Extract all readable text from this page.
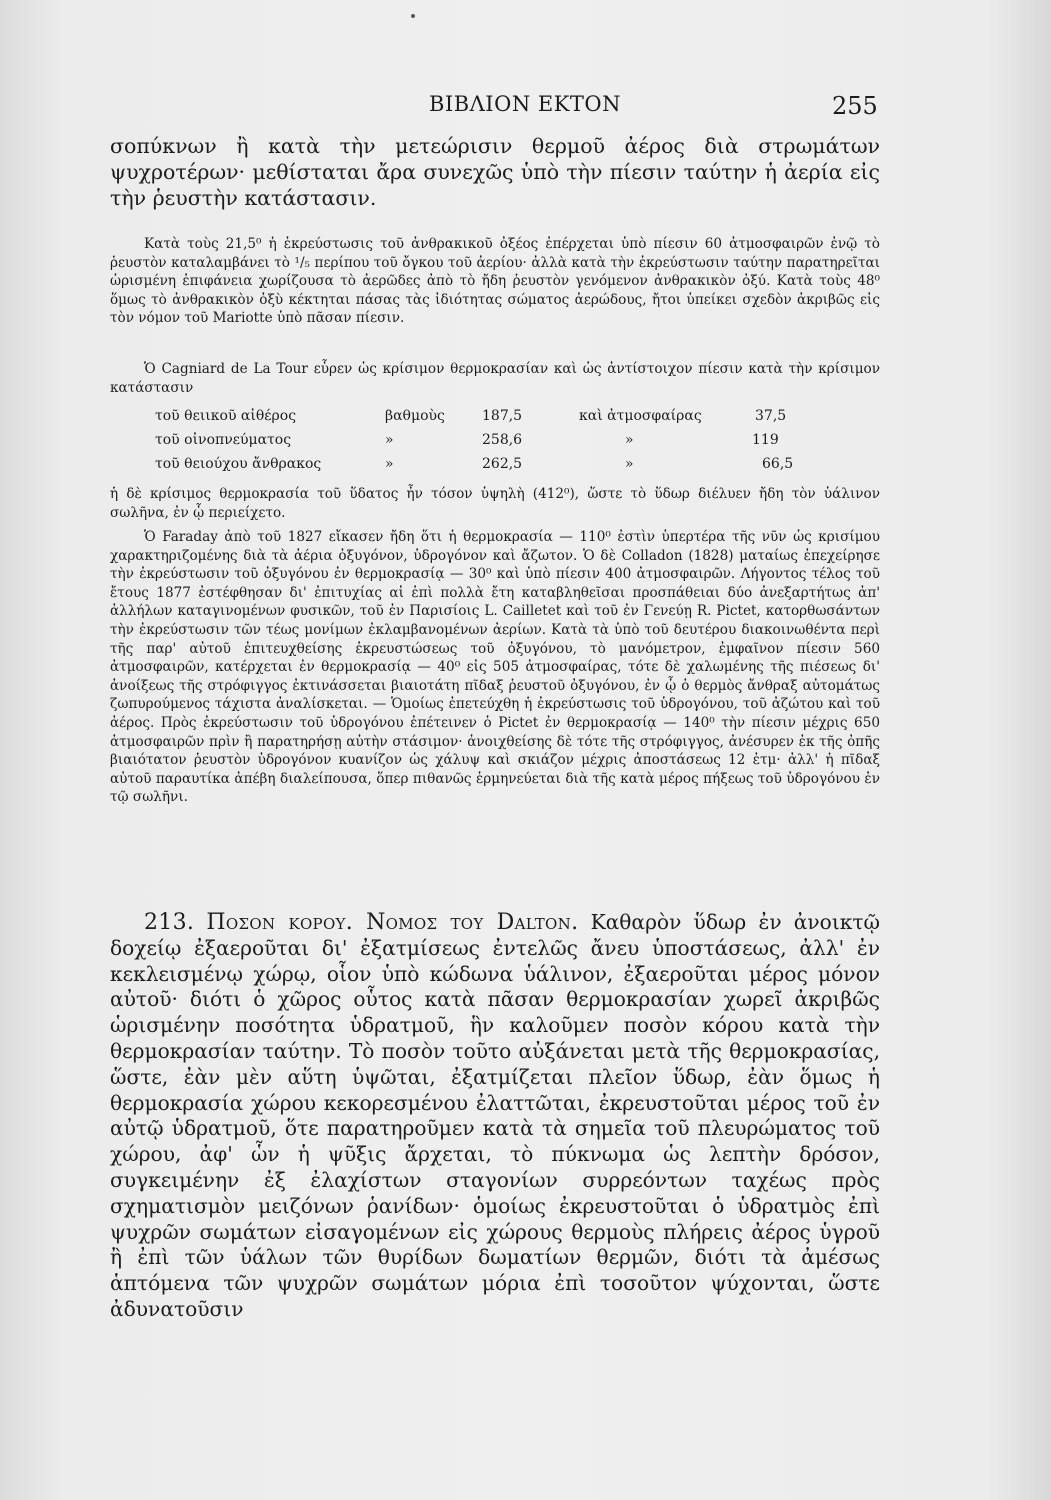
ΒΙΒΛΙΟΝ ΕΚΤΟΝ	255
σοπύκνων ἢ κατὰ τὴν μετεώρισιν θερμοῦ ἀέρος διὰ στρωμάτων ψυχροτέρων· μεθίσταται ἄρα συνεχῶς ὑπὸ τὴν πίεσιν ταύτην ἡ ἀερία εἰς τὴν ῥευστὴν κατάστασιν.
Κατὰ τοὺς 21,5⁰ ἡ ἐκρεύστωσις τοῦ ἀνθρακικοῦ ὀξέος ἐπέρχεται ὑπὸ πίεσιν 60 ἀτμοσφαιρῶν ἐνῷ τὸ ῥευστὸν καταλαμβάνει τὸ ¹/₅ περίπου τοῦ ὄγκου τοῦ ἀερίου· ἀλλὰ κατὰ τὴν ἐκρεύστωσιν ταύτην παρατηρεῖται ὡρισμένη ἐπιφάνεια χωρίζουσα τὸ ἀερῶδες ἀπὸ τὸ ἤδη ῥευστὸν γενόμενον ἀνθρακικὸν ὀξύ. Κατὰ τοὺς 48⁰ ὅμως τὸ ἀνθρακικὸν ὀξὺ κέκτηται πάσας τὰς ἰδιότητας σώματος ἀερώδους, ἤτοι ὑπείκει σχεδὸν ἀκριβῶς εἰς τὸν νόμον τοῦ Mariotte ὑπὸ πᾶσαν πίεσιν.
Ὁ Cagniard de La Tour εὗρεν ὡς κρίσιμον θερμοκρασίαν καὶ ὡς ἀντίστοιχον πίεσιν κατὰ τὴν κρίσιμον κατάστασιν
τοῦ θειικοῦ αἰθέρος	βαθμοὺς	187,5	καὶ ἀτμοσφαίρας	37,5
τοῦ οἰνοπνεύματος	»	258,6	»	119
τοῦ θειούχου ἄνθρακος	»	262,5	»	66,5
ἡ δὲ κρίσιμος θερμοκρασία τοῦ ὕδατος ἦν τόσον ὑψηλὴ (412⁰), ὥστε τὸ ὕδωρ διέλυεν ἤδη τὸν ὑάλινον σωλῆνα, ἐν ᾧ περιείχετο.
Ὁ Faraday ἀπὸ τοῦ 1827 εἴκασεν ἤδη ὅτι ἡ θερμοκρασία — 110⁰ ἐστὶν ὑπερτέρα τῆς νῦν ὡς κρισίμου χαρακτηριζομένης διὰ τὰ ἀέρια ὀξυγόνον, ὑδρογόνον καὶ ἄζωτον. Ὁ δὲ Colladon (1828) ματαίως ἐπεχείρησε τὴν ἐκρεύστωσιν τοῦ ὀξυγόνου ἐν θερμοκρασίᾳ — 30⁰ καὶ ὑπὸ πίεσιν 400 ἀτμοσφαιρῶν. Λήγοντος τέλος τοῦ ἔτους 1877 ἐστέφθησαν δι' ἐπιτυχίας αἱ ἐπὶ πολλὰ ἔτη καταβληθεῖσαι προσπάθειαι δύο ἀνεξαρτήτως ἀπ' ἀλλήλων καταγινομένων φυσικῶν, τοῦ ἐν Παρισίοις L. Cailletet καὶ τοῦ ἐν Γενεύῃ R. Pictet, κατορθωσάντων τὴν ἐκρεύστωσιν τῶν τέως μονίμων ἐκλαμβανομένων ἀερίων. Κατὰ τὰ ὑπὸ τοῦ δευτέρου διακοινωθέντα περὶ τῆς παρ' αὐτοῦ ἐπιτευχθείσης ἐκρευστώσεως τοῦ ὀξυγόνου, τὸ μανόμετρον, ἐμφαῖνον πίεσιν 560 ἀτμοσφαιρῶν, κατέρχεται ἐν θερμοκρασίᾳ — 40⁰ εἰς 505 ἀτμοσφαίρας, τότε δὲ χαλωμένης τῆς πιέσεως δι' ἀνοίξεως τῆς στρόφιγγος ἐκτινάσσεται βιαιοτάτη πῖδαξ ῥευστοῦ ὀξυγόνου, ἐν ᾧ ὁ θερμὸς ἄνθραξ αὐτομάτως ζωπυρούμενος τάχιστα ἀναλίσκεται. — Ὁμοίως ἐπετεύχθη ἡ ἐκρεύστωσις τοῦ ὑδρογόνου, τοῦ ἀζώτου καὶ τοῦ ἀέρος. Πρὸς ἐκρεύστωσιν τοῦ ὑδρογόνου ἐπέτεινεν ὁ Pictet ἐν θερμοκρασίᾳ — 140⁰ τὴν πίεσιν μέχρις 650 ἀτμοσφαιρῶν πρὶν ἢ παρατηρήσῃ αὐτὴν στάσιμον· ἀνοιχθείσης δὲ τότε τῆς στρόφιγγος, ἀνέσυρεν ἐκ τῆς ὀπῆς βιαιότατον ῥευστὸν ὑδρογόνον κυανίζον ὡς χάλυψ καὶ σκιάζον μέχρις ἀποστάσεως 12 ἑτμ· ἀλλ' ἡ πῖδαξ αὐτοῦ παραυτίκα ἀπέβη διαλείπουσα, ὅπερ πιθανῶς ἑρμηνεύεται διὰ τῆς κατὰ μέρος πήξεως τοῦ ὑδρογόνου ἐν τῷ σωλῆνι.
213. Ποσον κορου. Νομος του Dalton. Καθαρὸν ὕδωρ ἐν ἀνοικτῷ δοχείῳ ἐξαεροῦται δι' ἐξατμίσεως ἐντελῶς ἄνευ ὑποστάσεως, ἀλλ' ἐν κεκλεισμένῳ χώρῳ, οἷον ὑπὸ κώδωνα ὑάλινον, ἐξαεροῦται μέρος μόνον αὐτοῦ· διότι ὁ χῶρος οὗτος κατὰ πᾶσαν θερμοκρασίαν χωρεῖ ἀκριβῶς ὡρισμένην ποσότητα ὑδρατμοῦ, ἣν καλοῦμεν ποσὸν κόρου κατὰ τὴν θερμοκρασίαν ταύτην. Τὸ ποσὸν τοῦτο αὐξάνεται μετὰ τῆς θερμοκρασίας, ὥστε, ἐὰν μὲν αὕτη ὑψῶται, ἐξατμίζεται πλεῖον ὕδωρ, ἐὰν ὅμως ἡ θερμοκρασία χώρου κεκορεσμένου ἐλαττῶται, ἐκρευστοῦται μέρος τοῦ ἐν αὐτῷ ὑδρατμοῦ, ὅτε παρατηροῦμεν κατὰ τὰ σημεῖα τοῦ πλευρώματος τοῦ χώρου, ἀφ' ὧν ἡ ψῦξις ἄρχεται, τὸ πύκνωμα ὡς λεπτὴν δρόσον, συγκειμένην ἐξ ἐλαχίστων σταγονίων συρρεόντων ταχέως πρὸς σχηματισμὸν μειζόνων ῥανίδων· ὁμοίως ἐκρευστοῦται ὁ ὑδρατμὸς ἐπὶ ψυχρῶν σωμάτων εἰσαγομένων εἰς χώρους θερμοὺς πλήρεις ἀέρος ὑγροῦ ἢ ἐπὶ τῶν ὑάλων τῶν θυρίδων δωματίων θερμῶν, διότι τὰ ἀμέσως ἁπτόμενα τῶν ψυχρῶν σωμάτων μόρια ἐπὶ τοσοῦτον ψύχονται, ὥστε ἀδυνατοῦσιν
